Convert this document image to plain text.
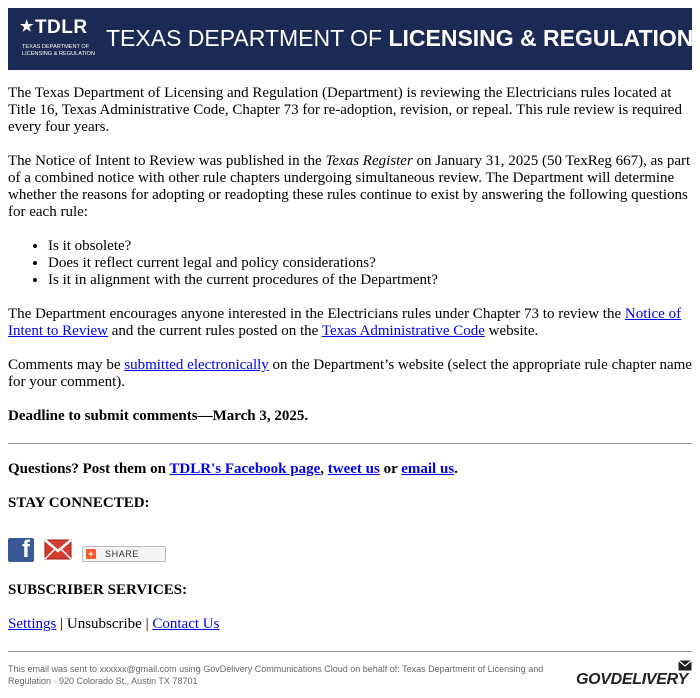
★TDLR
TEXAS DEPARTMENT OF LICENSING & REGULATION
TEXAS DEPARTMENT OF LICENSING & REGULATION

The Texas Department of Licensing and Regulation (Department) is reviewing the Electricians rules located at Title 16, Texas Administrative Code, Chapter 73 for re-adoption, revision, or repeal. This rule review is required every four years.

The Notice of Intent to Review was published in the Texas Register on January 31, 2025 (50 TexReg 667), as part of a combined notice with other rule chapters undergoing simultaneous review. The Department will determine whether the reasons for adopting or readopting these rules continue to exist by answering the following questions for each rule:

• Is it obsolete?
• Does it reflect current legal and policy considerations?
• Is it in alignment with the current procedures of the Department?

The Department encourages anyone interested in the Electricians rules under Chapter 73 to review the Notice of Intent to Review and the current rules posted on the Texas Administrative Code website.

Comments may be submitted electronically on the Department’s website (select the appropriate rule chapter name for your comment).

Deadline to submit comments—March 3, 2025.

Questions? Post them on TDLR's Facebook page, tweet us or email us.

STAY CONNECTED:

f	+ SHARE

SUBSCRIBER SERVICES:

Settings | Unsubscribe | Contact Us

This email was sent to xxxxxx@gmail.com using GovDelivery Communications Cloud on behalf of: Texas Department of Licensing and Regulation · 920 Colorado St., Austin TX 78701	GOVDELIVERY
